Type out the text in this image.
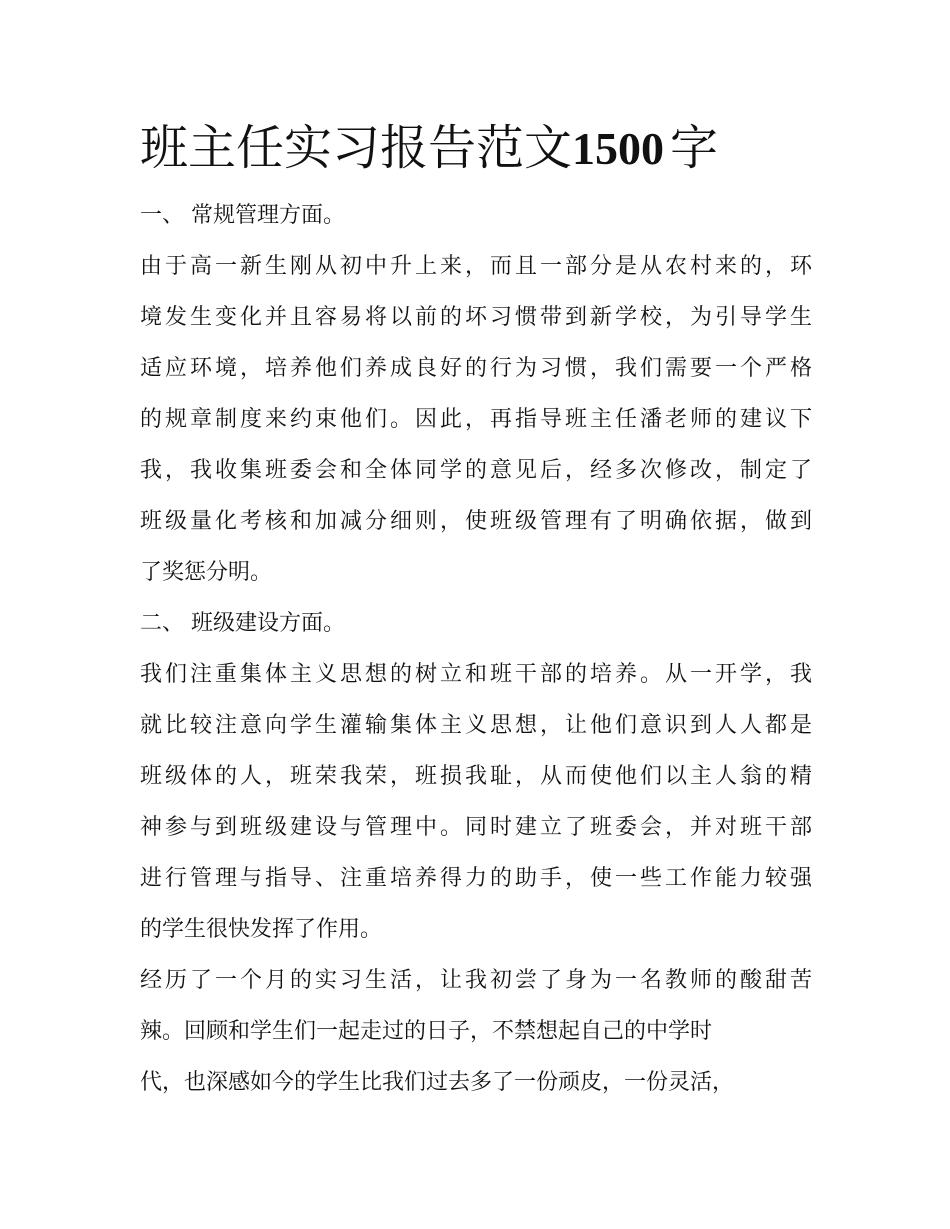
班主任实习报告范文1500 字

一、 常规管理方面。

由于高一新生刚从初中升上来，而且一部分是从农村来的，环
境发生变化并且容易将以前的坏习惯带到新学校，为引导学生
适应环境，培养他们养成良好的行为习惯，我们需要一个严格
的规章制度来约束他们。因此，再指导班主任潘老师的建议下
我，我收集班委会和全体同学的意见后，经多次修改，制定了
班级量化考核和加减分细则，使班级管理有了明确依据，做到
了奖惩分明。

二、 班级建设方面。

我们注重集体主义思想的树立和班干部的培养。从一开学，我
就比较注意向学生灌输集体主义思想，让他们意识到人人都是
班级体的人，班荣我荣，班损我耻，从而使他们以主人翁的精
神参与到班级建设与管理中。同时建立了班委会，并对班干部
进行管理与指导、注重培养得力的助手，使一些工作能力较强
的学生很快发挥了作用。

经历了一个月的实习生活，让我初尝了身为一名教师的酸甜苦
辣。回顾和学生们一起走过的日子，不禁想起自己的中学时
代，也深感如今的学生比我们过去多了一份顽皮，一份灵活，
